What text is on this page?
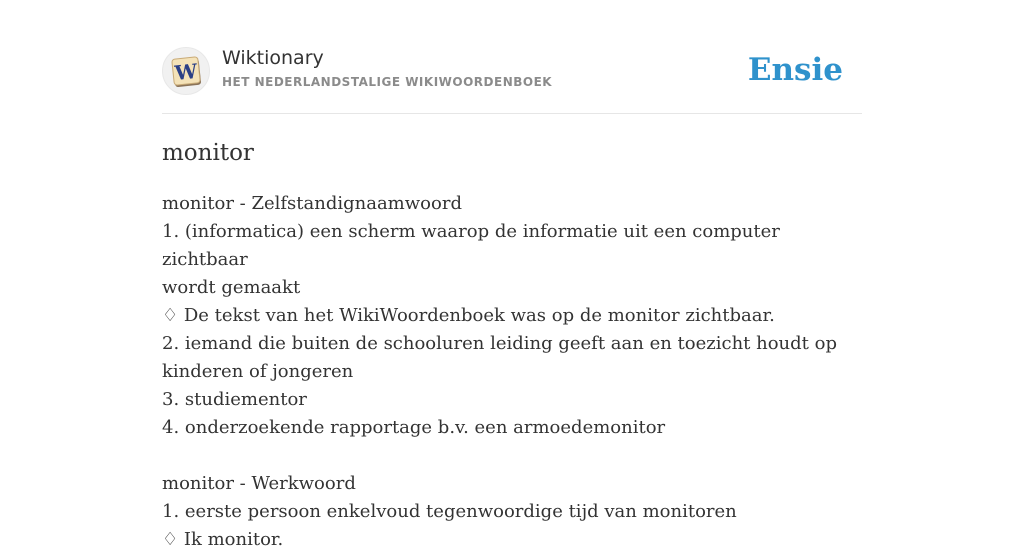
W
Wiktionary
HET NEDERLANDSTALIGE WIKIWOORDENBOEK	Ensie
monitor
monitor - Zelfstandignaamwoord
1. (informatica) een scherm waarop de informatie uit een computer zichtbaar
wordt gemaakt
♢ De tekst van het WikiWoordenboek was op de monitor zichtbaar.
2. iemand die buiten de schooluren leiding geeft aan en toezicht houdt op
kinderen of jongeren
3. studiementor
4. onderzoekende rapportage b.v. een armoedemonitor
monitor - Werkwoord
1. eerste persoon enkelvoud tegenwoordige tijd van monitoren
♢ Ik monitor.
